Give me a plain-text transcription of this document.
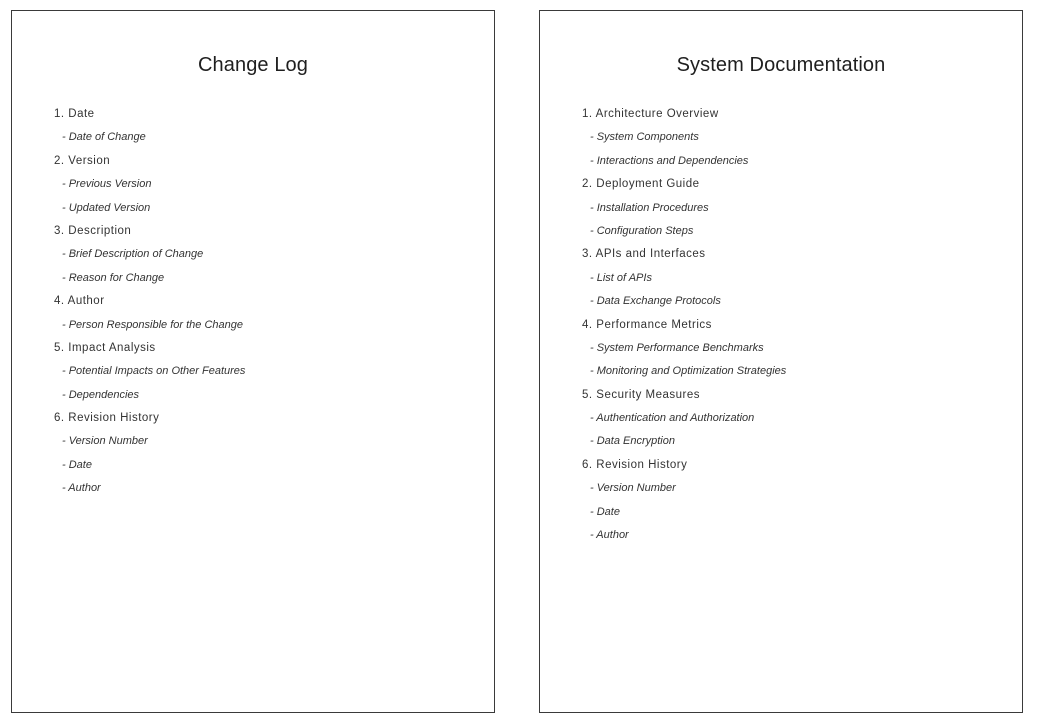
Change Log
1. Date
- Date of Change
2. Version
- Previous Version
- Updated Version
3. Description
- Brief Description of Change
- Reason for Change
4. Author
- Person Responsible for the Change
5. Impact Analysis
- Potential Impacts on Other Features
- Dependencies
6. Revision History
- Version Number
- Date
- Author
System Documentation
1. Architecture Overview
- System Components
- Interactions and Dependencies
2. Deployment Guide
- Installation Procedures
- Configuration Steps
3. APIs and Interfaces
- List of APIs
- Data Exchange Protocols
4. Performance Metrics
- System Performance Benchmarks
- Monitoring and Optimization Strategies
5. Security Measures
- Authentication and Authorization
- Data Encryption
6. Revision History
- Version Number
- Date
- Author
